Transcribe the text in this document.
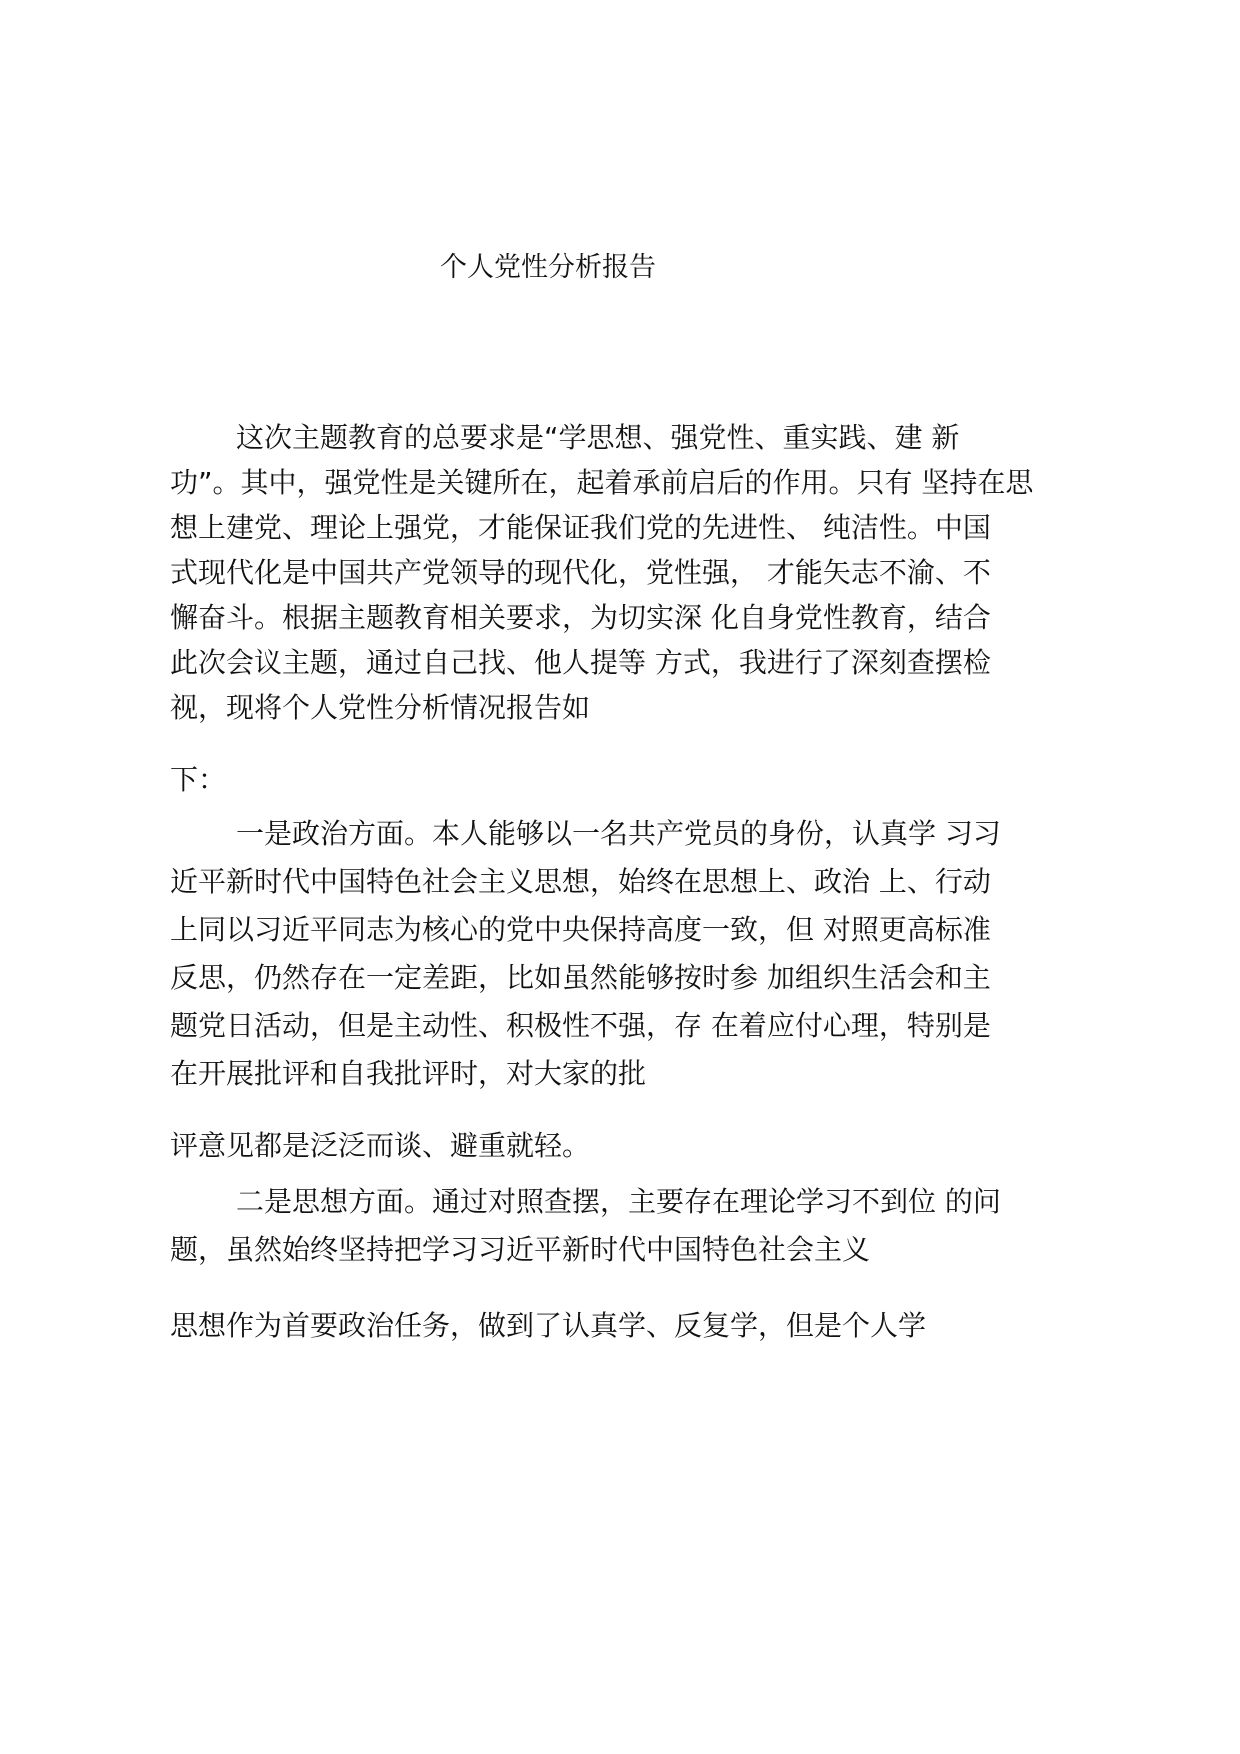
个人党性分析报告
这次主题教育的总要求是“学思想、强党性、重实践、建 新
功”。其中，强党性是关键所在，起着承前启后的作用。只有 坚持在思
想上建党、理论上强党，才能保证我们党的先进性、 纯洁性。中国
式现代化是中国共产党领导的现代化，党性强， 才能矢志不渝、不
懈奋斗。根据主题教育相关要求，为切实深 化自身党性教育，结合
此次会议主题，通过自己找、他人提等 方式，我进行了深刻查摆检
视，现将个人党性分析情况报告如
下：
一是政治方面。本人能够以一名共产党员的身份，认真学 习习
近平新时代中国特色社会主义思想，始终在思想上、政治 上、行动
上同以习近平同志为核心的党中央保持高度一致，但 对照更高标准
反思，仍然存在一定差距，比如虽然能够按时参 加组织生活会和主
题党日活动，但是主动性、积极性不强，存 在着应付心理，特别是
在开展批评和自我批评时，对大家的批
评意见都是泛泛而谈、避重就轻。
二是思想方面。通过对照查摆，主要存在理论学习不到位 的问
题，虽然始终坚持把学习习近平新时代中国特色社会主义
思想作为首要政治任务，做到了认真学、反复学，但是个人学
